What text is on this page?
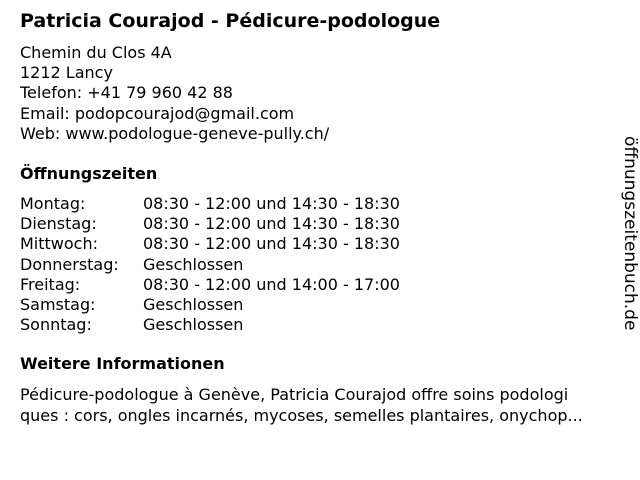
Patricia Courajod - Pédicure-podologue
Chemin du Clos 4A
1212 Lancy
Telefon: +41 79 960 42 88
Email: podopcourajod@gmail.com
Web: www.podologue-geneve-pully.ch/
Öffnungszeiten
Montag:	08:30 - 12:00 und 14:30 - 18:30
Dienstag:	08:30 - 12:00 und 14:30 - 18:30
Mittwoch:	08:30 - 12:00 und 14:30 - 18:30
Donnerstag: Geschlossen
Freitag:	08:30 - 12:00 und 14:00 - 17:00
Samstag:	Geschlossen
Sonntag:	Geschlossen
Weitere Informationen
Pédicure-podologue à Genève, Patricia Courajod offre soins podologi
ques : cors, ongles incarnés, mycoses, semelles plantaires, onychop...
öffnungszeitenbuch.de
